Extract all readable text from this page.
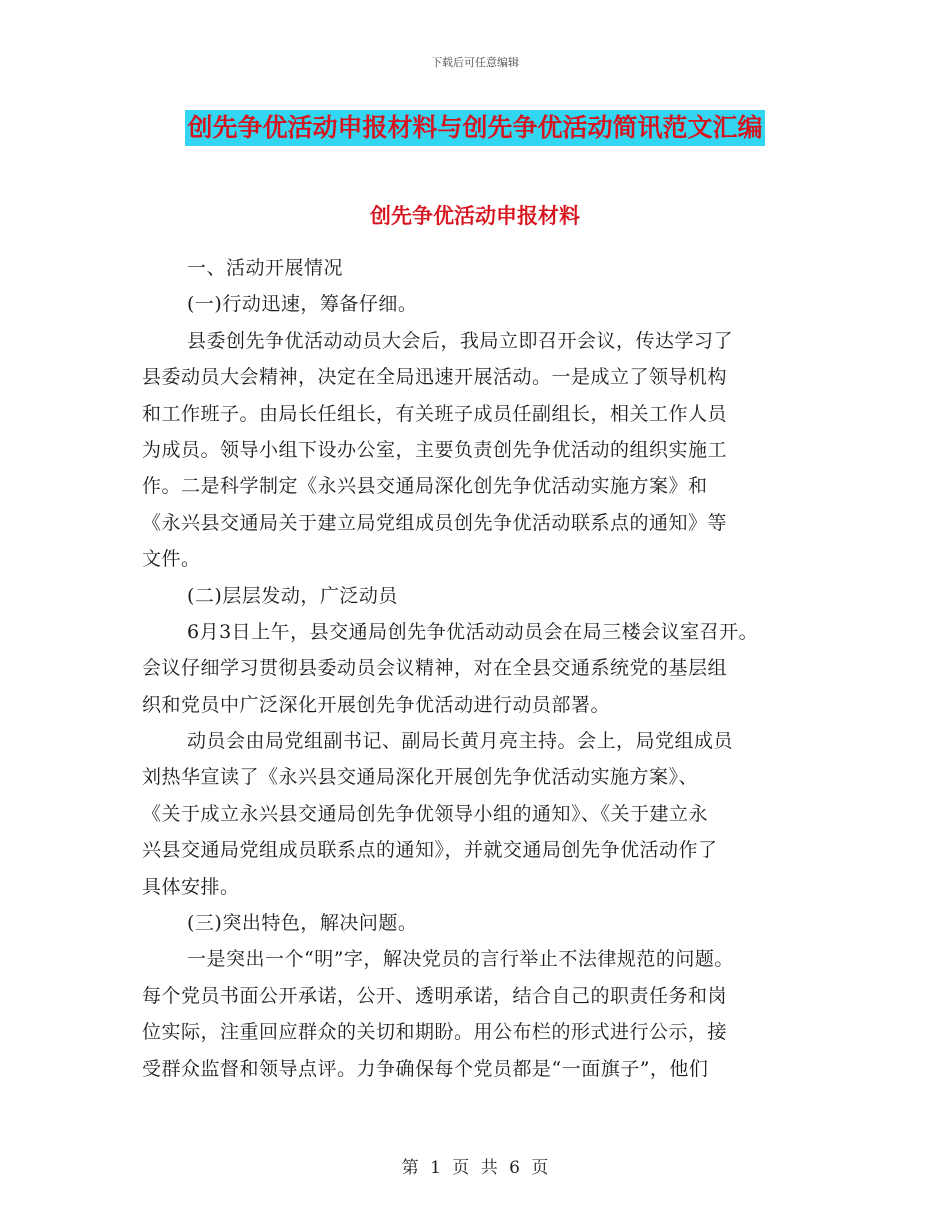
下载后可任意编辑
创先争优活动申报材料与创先争优活动简讯范文汇编
创先争优活动申报材料
一、活动开展情况
(一)行动迅速，筹备仔细。
县委创先争优活动动员大会后，我局立即召开会议，传达学习了
县委动员大会精神，决定在全局迅速开展活动。一是成立了领导机构
和工作班子。由局长任组长，有关班子成员任副组长，相关工作人员
为成员。领导小组下设办公室，主要负责创先争优活动的组织实施工
作。二是科学制定《永兴县交通局深化创先争优活动实施方案》和
《永兴县交通局关于建立局党组成员创先争优活动联系点的通知》等
文件。
(二)层层发动，广泛动员
6月3日上午，县交通局创先争优活动动员会在局三楼会议室召开。
会议仔细学习贯彻县委动员会议精神，对在全县交通系统党的基层组
织和党员中广泛深化开展创先争优活动进行动员部署。
动员会由局党组副书记、副局长黄月亮主持。会上，局党组成员
刘热华宣读了《永兴县交通局深化开展创先争优活动实施方案》、
《关于成立永兴县交通局创先争优领导小组的通知》、《关于建立永
兴县交通局党组成员联系点的通知》，并就交通局创先争优活动作了
具体安排。
(三)突出特色，解决问题。
一是突出一个“明”字，解决党员的言行举止不法律规范的问题。
每个党员书面公开承诺，公开、透明承诺，结合自己的职责任务和岗
位实际，注重回应群众的关切和期盼。用公布栏的形式进行公示，接
受群众监督和领导点评。力争确保每个党员都是“一面旗子”，他们
第 1 页 共 6 页
